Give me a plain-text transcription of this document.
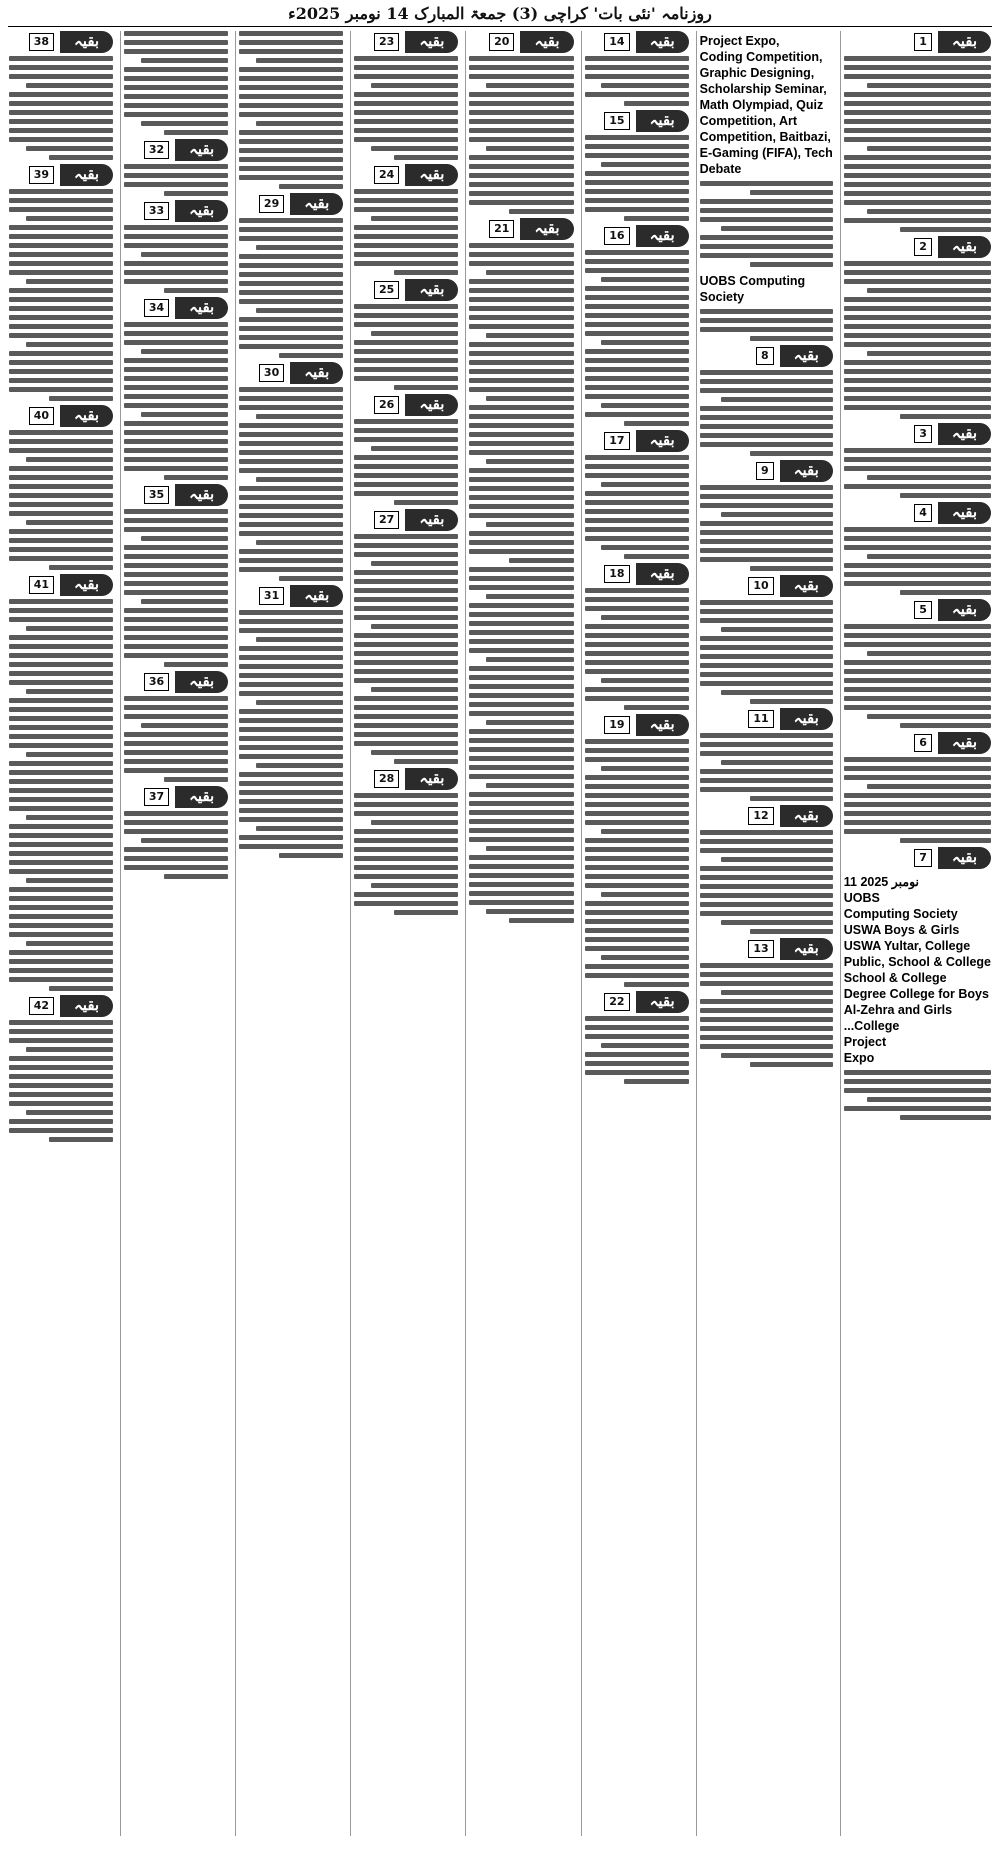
روزنامہ 'نئی بات' کراچی (3) جمعۃ المبارک 14 نومبر 2025ء
بقیہ
1
بقیہ
2
بقیہ
3
بقیہ
4
بقیہ
5
بقیہ
6
بقیہ
7
11 نومبر 2025
UOBS
Computing Society
USWA Boys & Girls
USWA Yultar, College
Public, School & College
School & College
Degree College for Boys
Al-Zehra and Girls
...College
Project
Expo
Project Expo,
Coding Competition,
Graphic Designing,
Scholarship Seminar,
Math Olympiad, Quiz
Competition, Art
Competition, Baitbazi,
E-Gaming (FIFA), Tech
Debate
UOBS Computing
Society
بقیہ
8
بقیہ
9
بقیہ
10
بقیہ
11
بقیہ
12
بقیہ
13
بقیہ
14
بقیہ
15
بقیہ
16
بقیہ
17
بقیہ
18
بقیہ
19
بقیہ
22
بقیہ
20
بقیہ
21
بقیہ
23
بقیہ
24
بقیہ
25
بقیہ
26
بقیہ
27
بقیہ
28
بقیہ
29
بقیہ
30
بقیہ
31
بقیہ
32
بقیہ
33
بقیہ
34
بقیہ
35
بقیہ
36
بقیہ
37
بقیہ
38
بقیہ
39
بقیہ
40
بقیہ
41
بقیہ
42
